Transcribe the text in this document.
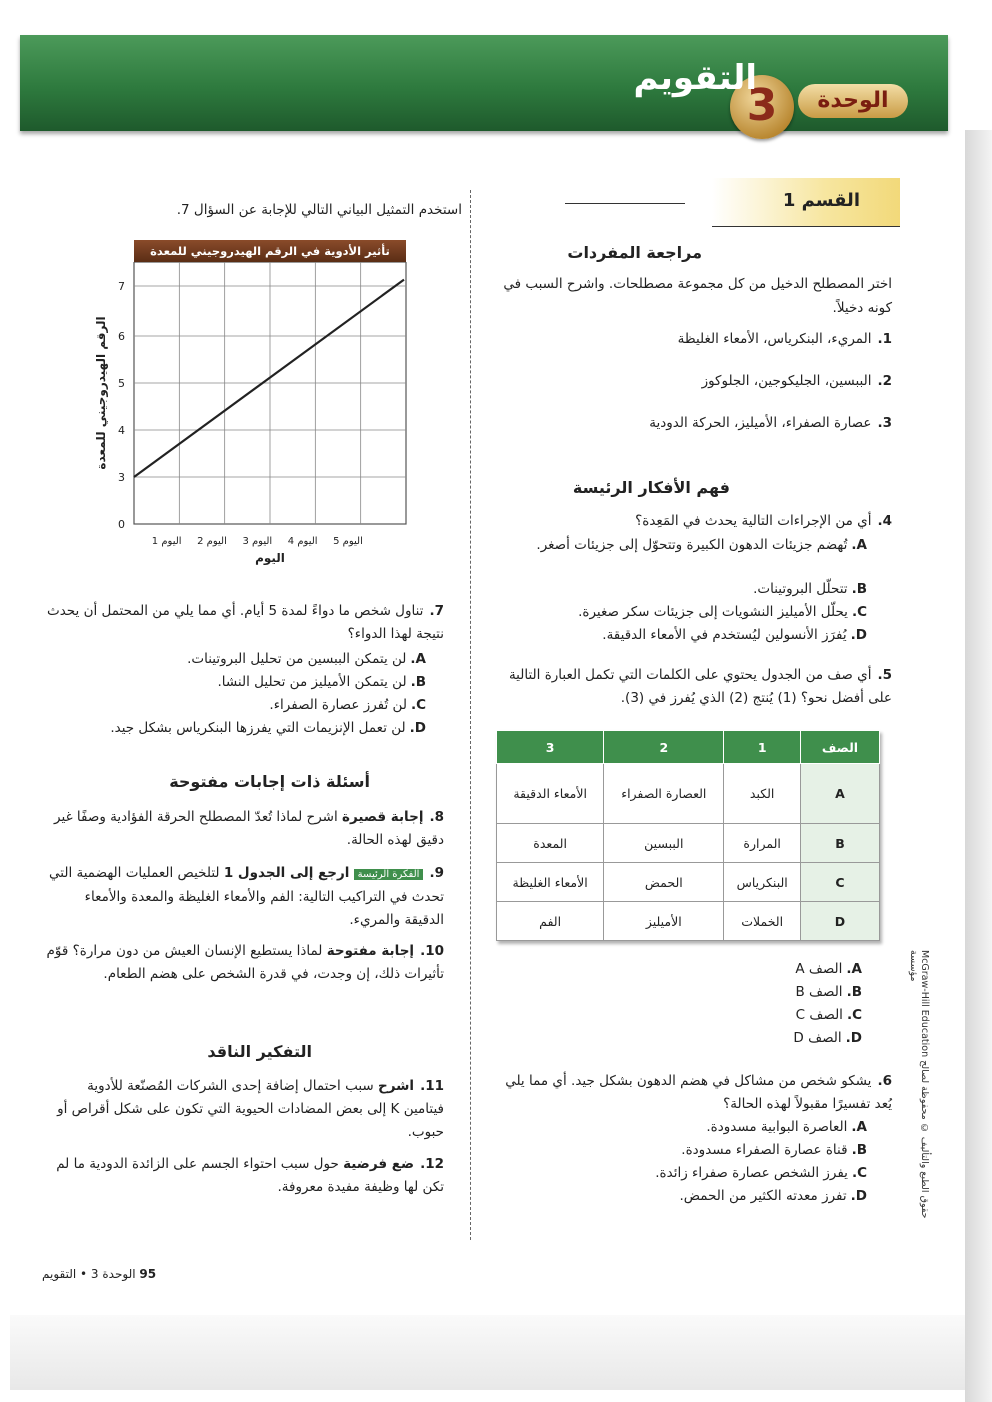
الوحدة
3
التقويم
القسم 1
مراجعة المفردات
اختر المصطلح الدخيل من كل مجموعة مصطلحات. واشرح السبب في كونه دخيلاً.
1.المريء، البنكرياس، الأمعاء الغليظة
2.الببسين، الجليكوجين، الجلوكوز
3.عصارة الصفراء، الأميليز، الحركة الدودية
فهم الأفكار الرئيسة
4.أي من الإجراءات التالية يحدث في المَعِدة؟
A.تُهضم جزيئات الدهون الكبيرة وتتحوّل إلى جزيئات أصغر.
B.تتحلّل البروتينات.
C.يحلّل الأميليز النشويات إلى جزيئات سكر صغيرة.
D.يُفرَز الأنسولين ليُستخدم في الأمعاء الدقيقة.
5.أي صف من الجدول يحتوي على الكلمات التي تكمل العبارة التالية على أفضل نحو؟ (1) يُنتج (2) الذي يُفرز في (3).
الصف	1	2	3
A	الكبد	العصارة الصفراء	الأمعاء الدقيقة
B	المرارة	الببسين	المعدة
C	البنكرياس	الحمض	الأمعاء الغليظة
D	الخملات	الأميليز	الفم
A.الصف A
B.الصف B
C.الصف C
D.الصف D
6.يشكو شخص من مشاكل في هضم الدهون بشكل جيد. أي مما يلي يُعد تفسيرًا مقبولاً لهذه الحالة؟
A.العاصرة البوابية مسدودة.
B.قناة عصارة الصفراء مسدودة.
C.يفرز الشخص عصارة صفراء زائدة.
D.تفرز معدته الكثير من الحمض.
استخدم التمثيل البياني التالي للإجابة عن السؤال 7.
تأثير الأدوية في الرقم الهيدروجيني للمعدة
0
3
4
5
6
7
اليوم 1 اليوم 2 اليوم 3 اليوم 4 اليوم 5
اليوم
الرقم الهيدروجيني للمعدة
7.تناول شخص ما دواءً لمدة 5 أيام. أي مما يلي من المحتمل أن يحدث نتيجة لهذا الدواء؟
A.لن يتمكن الببسين من تحليل البروتينات.
B.لن يتمكن الأميليز من تحليل النشا.
C.لن تُفرز عصارة الصفراء.
D.لن تعمل الإنزيمات التي يفرزها البنكرياس بشكل جيد.
أسئلة ذات إجابات مفتوحة
8.إجابة قصيرة اشرح لماذا تُعدّ المصطلح الحرقة الفؤادية وصفًا غير دقيق لهذه الحالة.
9.الفكرة الرئيسة ارجع إلى الجدول 1 لتلخيص العمليات الهضمية التي تحدث في التراكيب التالية: الفم والأمعاء الغليظة والمعدة والأمعاء الدقيقة والمريء.
10.إجابة مفتوحة لماذا يستطيع الإنسان العيش من دون مرارة؟ قوّم تأثيرات ذلك، إن وجدت، في قدرة الشخص على هضم الطعام.
التفكير الناقد
11.اشرح سبب احتمال إضافة إحدى الشركات المُصنّعة للأدوية فيتامين K إلى بعض المضادات الحيوية التي تكون على شكل أقراص أو حبوب.
12.ضع فرضية حول سبب احتواء الجسم على الزائدة الدودية ما لم تكن لها وظيفة مفيدة معروفة.
95 الوحدة 3 • التقويم
McGraw-Hill Education حقوق الطبع والتأليف © محفوظة لصالح مؤسسة
